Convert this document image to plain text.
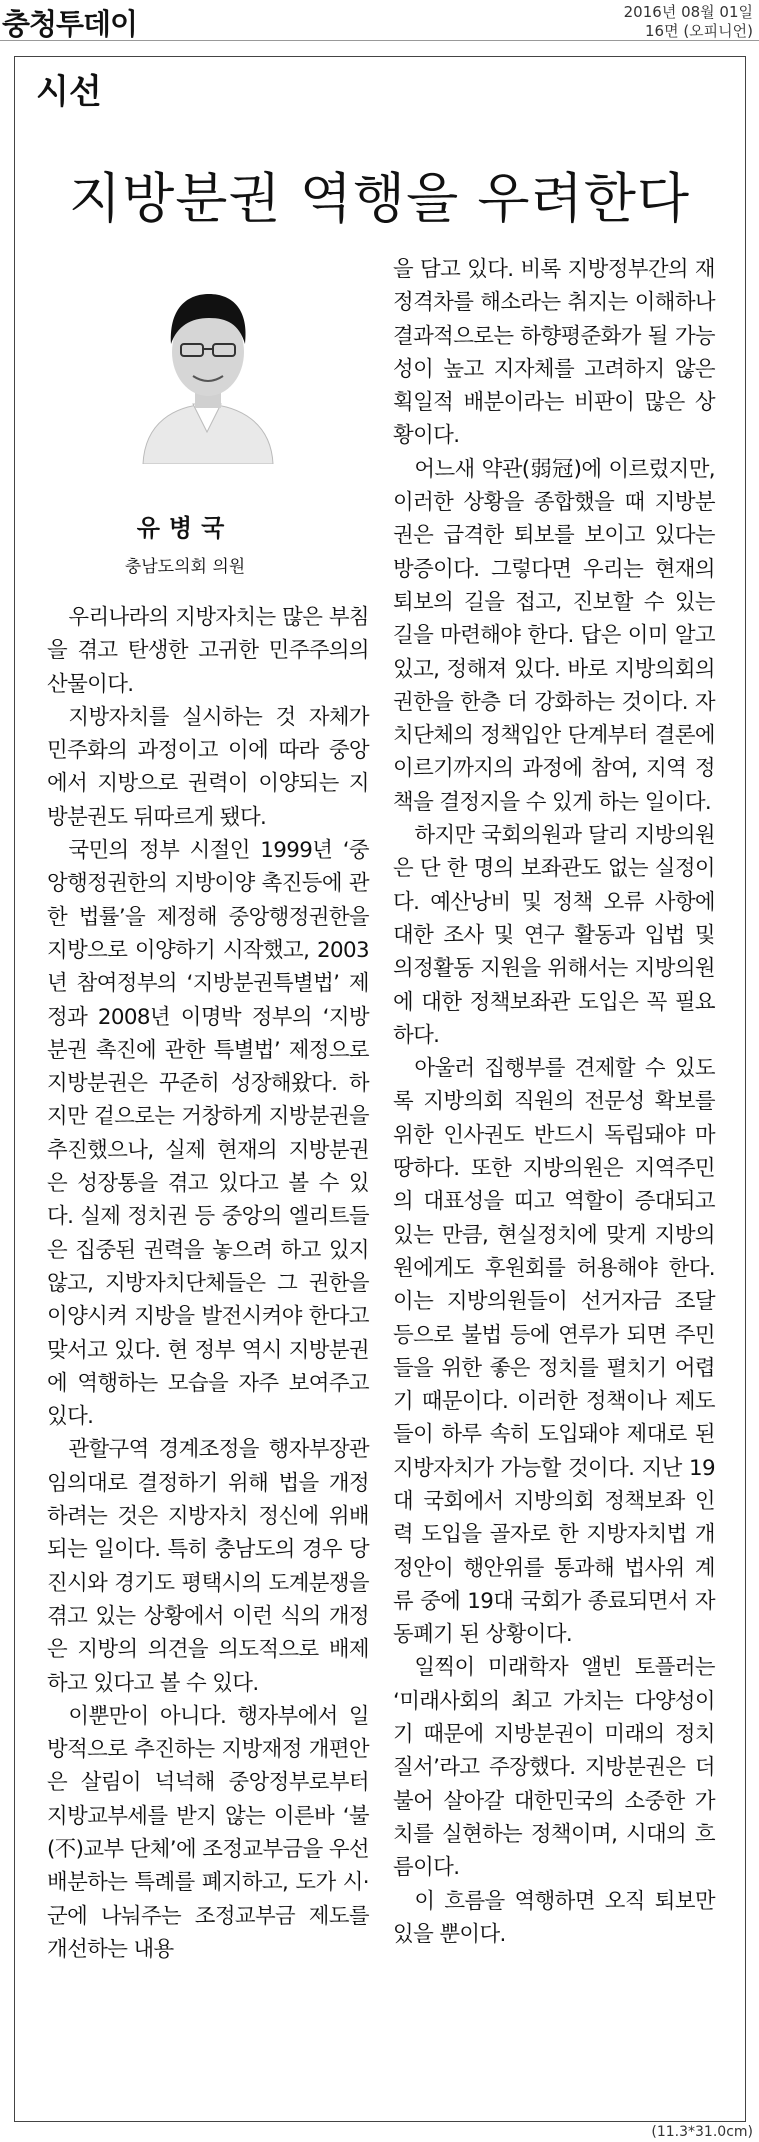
충청투데이	2016년 08월 01일
16면 (오피니언)
시선
지방분권 역행을 우려한다
유병국
충남도의회 의원

우리나라의 지방자치는 많은 부침을 겪고 탄생한 고귀한 민주주의의 산물이다.

지방자치를 실시하는 것 자체가 민주화의 과정이고 이에 따라 중앙에서 지방으로 권력이 이양되는 지방분권도 뒤따르게 됐다.

국민의 정부 시절인 1999년 ‘중앙행정권한의 지방이양 촉진등에 관한 법률’을 제정해 중앙행정권한을 지방으로 이양하기 시작했고, 2003년 참여정부의 ‘지방분권특별법’ 제정과 2008년 이명박 정부의 ‘지방분권 촉진에 관한 특별법’ 제정으로 지방분권은 꾸준히 성장해왔다. 하지만 겉으로는 거창하게 지방분권을 추진했으나, 실제 현재의 지방분권은 성장통을 겪고 있다고 볼 수 있다. 실제 정치권 등 중앙의 엘리트들은 집중된 권력을 놓으려 하고 있지 않고, 지방자치단체들은 그 권한을 이양시켜 지방을 발전시켜야 한다고 맞서고 있다. 현 정부 역시 지방분권에 역행하는 모습을 자주 보여주고 있다.

관할구역 경계조정을 행자부장관 임의대로 결정하기 위해 법을 개정하려는 것은 지방자치 정신에 위배되는 일이다. 특히 충남도의 경우 당진시와 경기도 평택시의 도계분쟁을 겪고 있는 상황에서 이런 식의 개정은 지방의 의견을 의도적으로 배제하고 있다고 볼 수 있다.

이뿐만이 아니다. 행자부에서 일방적으로 추진하는 지방재정 개편안은 살림이 넉넉해 중앙정부로부터 지방교부세를 받지 않는 이른바 ‘불(不)교부 단체’에 조정교부금을 우선 배분하는 특례를 폐지하고, 도가 시·군에 나눠주는 조정교부금 제도를 개선하는 내용

을 담고 있다. 비록 지방정부간의 재정격차를 해소라는 취지는 이해하나 결과적으로는 하향평준화가 될 가능성이 높고 지자체를 고려하지 않은 획일적 배분이라는 비판이 많은 상황이다.

어느새 약관(弱冠)에 이르렀지만, 이러한 상황을 종합했을 때 지방분권은 급격한 퇴보를 보이고 있다는 방증이다. 그렇다면 우리는 현재의 퇴보의 길을 접고, 진보할 수 있는 길을 마련해야 한다. 답은 이미 알고 있고, 정해져 있다. 바로 지방의회의 권한을 한층 더 강화하는 것이다. 자치단체의 정책입안 단계부터 결론에 이르기까지의 과정에 참여, 지역 정책을 결정지을 수 있게 하는 일이다.

하지만 국회의원과 달리 지방의원은 단 한 명의 보좌관도 없는 실정이다. 예산낭비 및 정책 오류 사항에 대한 조사 및 연구 활동과 입법 및 의정활동 지원을 위해서는 지방의원에 대한 정책보좌관 도입은 꼭 필요하다.

아울러 집행부를 견제할 수 있도록 지방의회 직원의 전문성 확보를 위한 인사권도 반드시 독립돼야 마땅하다. 또한 지방의원은 지역주민의 대표성을 띠고 역할이 증대되고 있는 만큼, 현실정치에 맞게 지방의원에게도 후원회를 허용해야 한다. 이는 지방의원들이 선거자금 조달 등으로 불법 등에 연루가 되면 주민들을 위한 좋은 정치를 펼치기 어렵기 때문이다. 이러한 정책이나 제도들이 하루 속히 도입돼야 제대로 된 지방자치가 가능할 것이다. 지난 19대 국회에서 지방의회 정책보좌 인력 도입을 골자로 한 지방자치법 개정안이 행안위를 통과해 법사위 계류 중에 19대 국회가 종료되면서 자동폐기 된 상황이다.

일찍이 미래학자 앨빈 토플러는 ‘미래사회의 최고 가치는 다양성이기 때문에 지방분권이 미래의 정치 질서’라고 주장했다. 지방분권은 더불어 살아갈 대한민국의 소중한 가치를 실현하는 정책이며, 시대의 흐름이다.

이 흐름을 역행하면 오직 퇴보만 있을 뿐이다.

(11.3*31.0cm)
